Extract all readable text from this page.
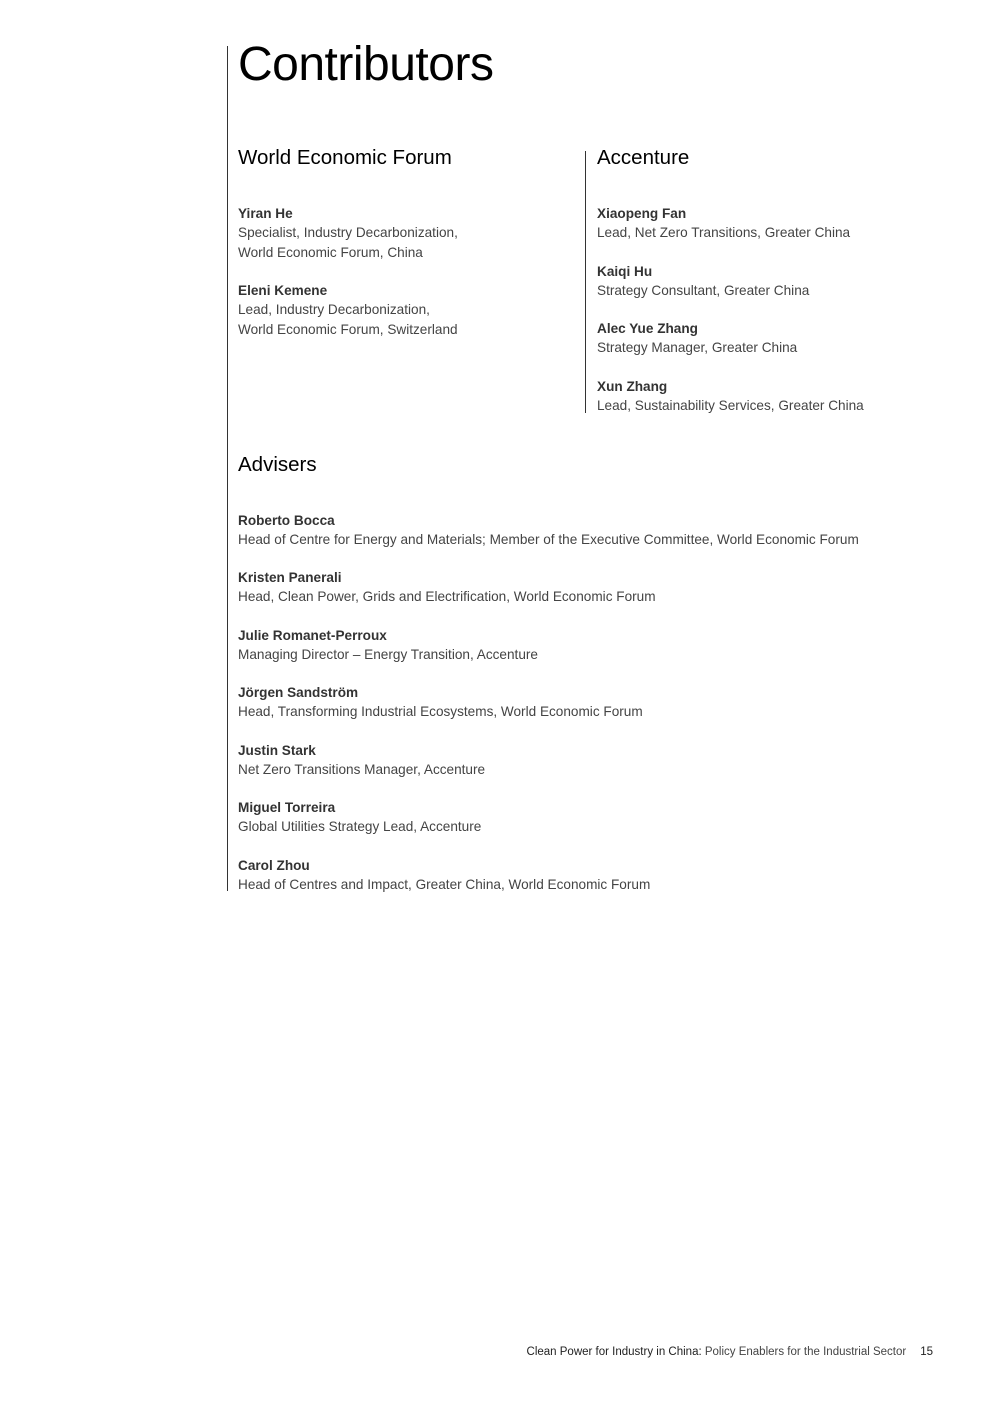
Contributors
World Economic Forum
Yiran He
Specialist, Industry Decarbonization,
World Economic Forum, China
Eleni Kemene
Lead, Industry Decarbonization,
World Economic Forum, Switzerland
Accenture
Xiaopeng Fan
Lead, Net Zero Transitions, Greater China
Kaiqi Hu
Strategy Consultant, Greater China
Alec Yue Zhang
Strategy Manager, Greater China
Xun Zhang
Lead, Sustainability Services, Greater China
Advisers
Roberto Bocca
Head of Centre for Energy and Materials; Member of the Executive Committee, World Economic Forum
Kristen Panerali
Head, Clean Power, Grids and Electrification, World Economic Forum
Julie Romanet-Perroux
Managing Director – Energy Transition, Accenture
Jörgen Sandström
Head, Transforming Industrial Ecosystems, World Economic Forum
Justin Stark
Net Zero Transitions Manager, Accenture
Miguel Torreira
Global Utilities Strategy Lead, Accenture
Carol Zhou
Head of Centres and Impact, Greater China, World Economic Forum
Clean Power for Industry in China: Policy Enablers for the Industrial Sector 15
